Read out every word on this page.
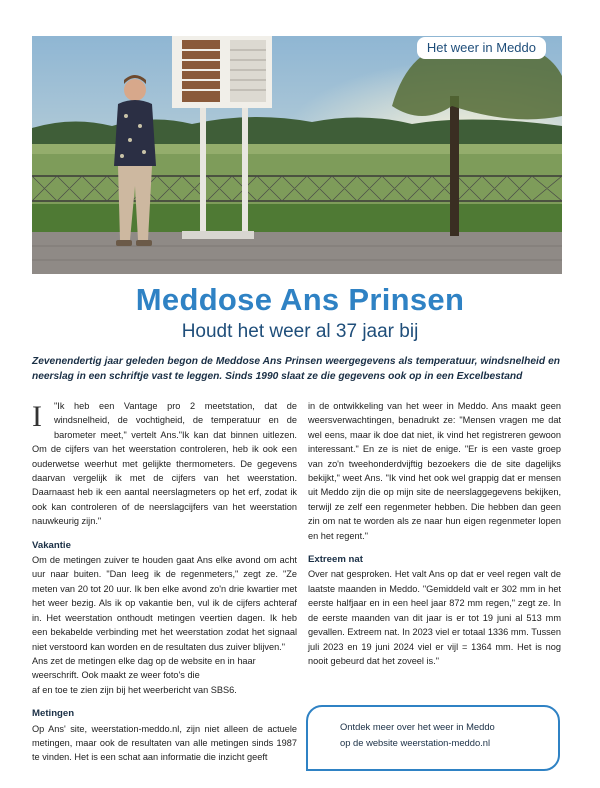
Het weer in Meddo
Meddose Ans Prinsen
Houdt het weer al 37 jaar bij
Zevenendertig jaar geleden begon de Meddose Ans Prinsen weergegevens als temperatuur, windsnelheid en neerslag in een schriftje vast te leggen. Sinds 1990 slaat ze die gegevens ook op in een Excelbestand
I	"Ik heb een Vantage pro 2 meetstation, dat de windsnelheid, de vochtigheid, de temperatuur en de barometer meet," vertelt Ans."Ik kan dat binnen uitlezen. Om de cijfers van het weerstation controleren, heb ik ook een ouderwetse weerhut met gelijkte thermometers. De gegevens daarvan vergelijk ik met de cijfers van het weerstation. Daarnaast heb ik een aantal neerslagmeters op het erf, zodat ik ook kan controleren of de neerslagcijfers van het weerstation nauwkeurig zijn."

Vakantie

Om de metingen zuiver te houden gaat Ans elke avond om acht uur naar buiten. "Dan leeg ik de regenmeters," zegt ze. "Ze meten van 20 tot 20 uur. Ik ben elke avond zo'n drie kwartier met het weer bezig. Als ik op vakantie ben, vul ik de cijfers achteraf in. Het weerstation onthoudt metingen veertien dagen. Ik heb een bekabelde verbinding met het weerstation zodat het signaal niet verstoord kan worden en de resultaten dus zuiver blijven."

Ans zet de metingen elke dag op de website en in haar weerschrift. Ook maakt ze weer foto's die

af en toe te zien zijn bij het weerbericht van SBS6.

Metingen

Op Ans' site, weerstation-meddo.nl, zijn niet alleen de actuele metingen, maar ook de resultaten van alle metingen sinds 1987 te vinden. Het is een schat aan informatie die inzicht geeft

in de ontwikkeling van het weer in Meddo. Ans maakt geen weersverwachtingen, benadrukt ze: "Mensen vragen me dat wel eens, maar ik doe dat niet, ik vind het registreren gewoon interessant." En ze is niet de enige. "Er is een vaste groep van zo'n tweehonderdvijftig bezoekers die de site dagelijks bekijkt," weet Ans. "Ik vind het ook wel grappig dat er mensen uit Meddo zijn die op mijn site de neerslaggegevens bekijken, terwijl ze zelf een regenmeter hebben. Die hebben dan geen zin om nat te worden als ze naar hun eigen regenmeter lopen en het regent."

Extreem nat

Over nat gesproken. Het valt Ans op dat er veel regen valt de laatste maanden in Meddo. "Gemiddeld valt er 302 mm in het eerste halfjaar en in een heel jaar 872 mm regen," zegt ze. In de eerste maanden van dit jaar is er tot 19 juni al 513 mm gevallen. Extreem nat. In 2023 viel er totaal 1336 mm. Tussen juli 2023 en 19 juni 2024 viel er vijl = 1364 mm. Het is nog nooit gebeurd dat het zoveel is."

Ontdek meer over het weer in Meddo
op de website weerstation-meddo.nl
